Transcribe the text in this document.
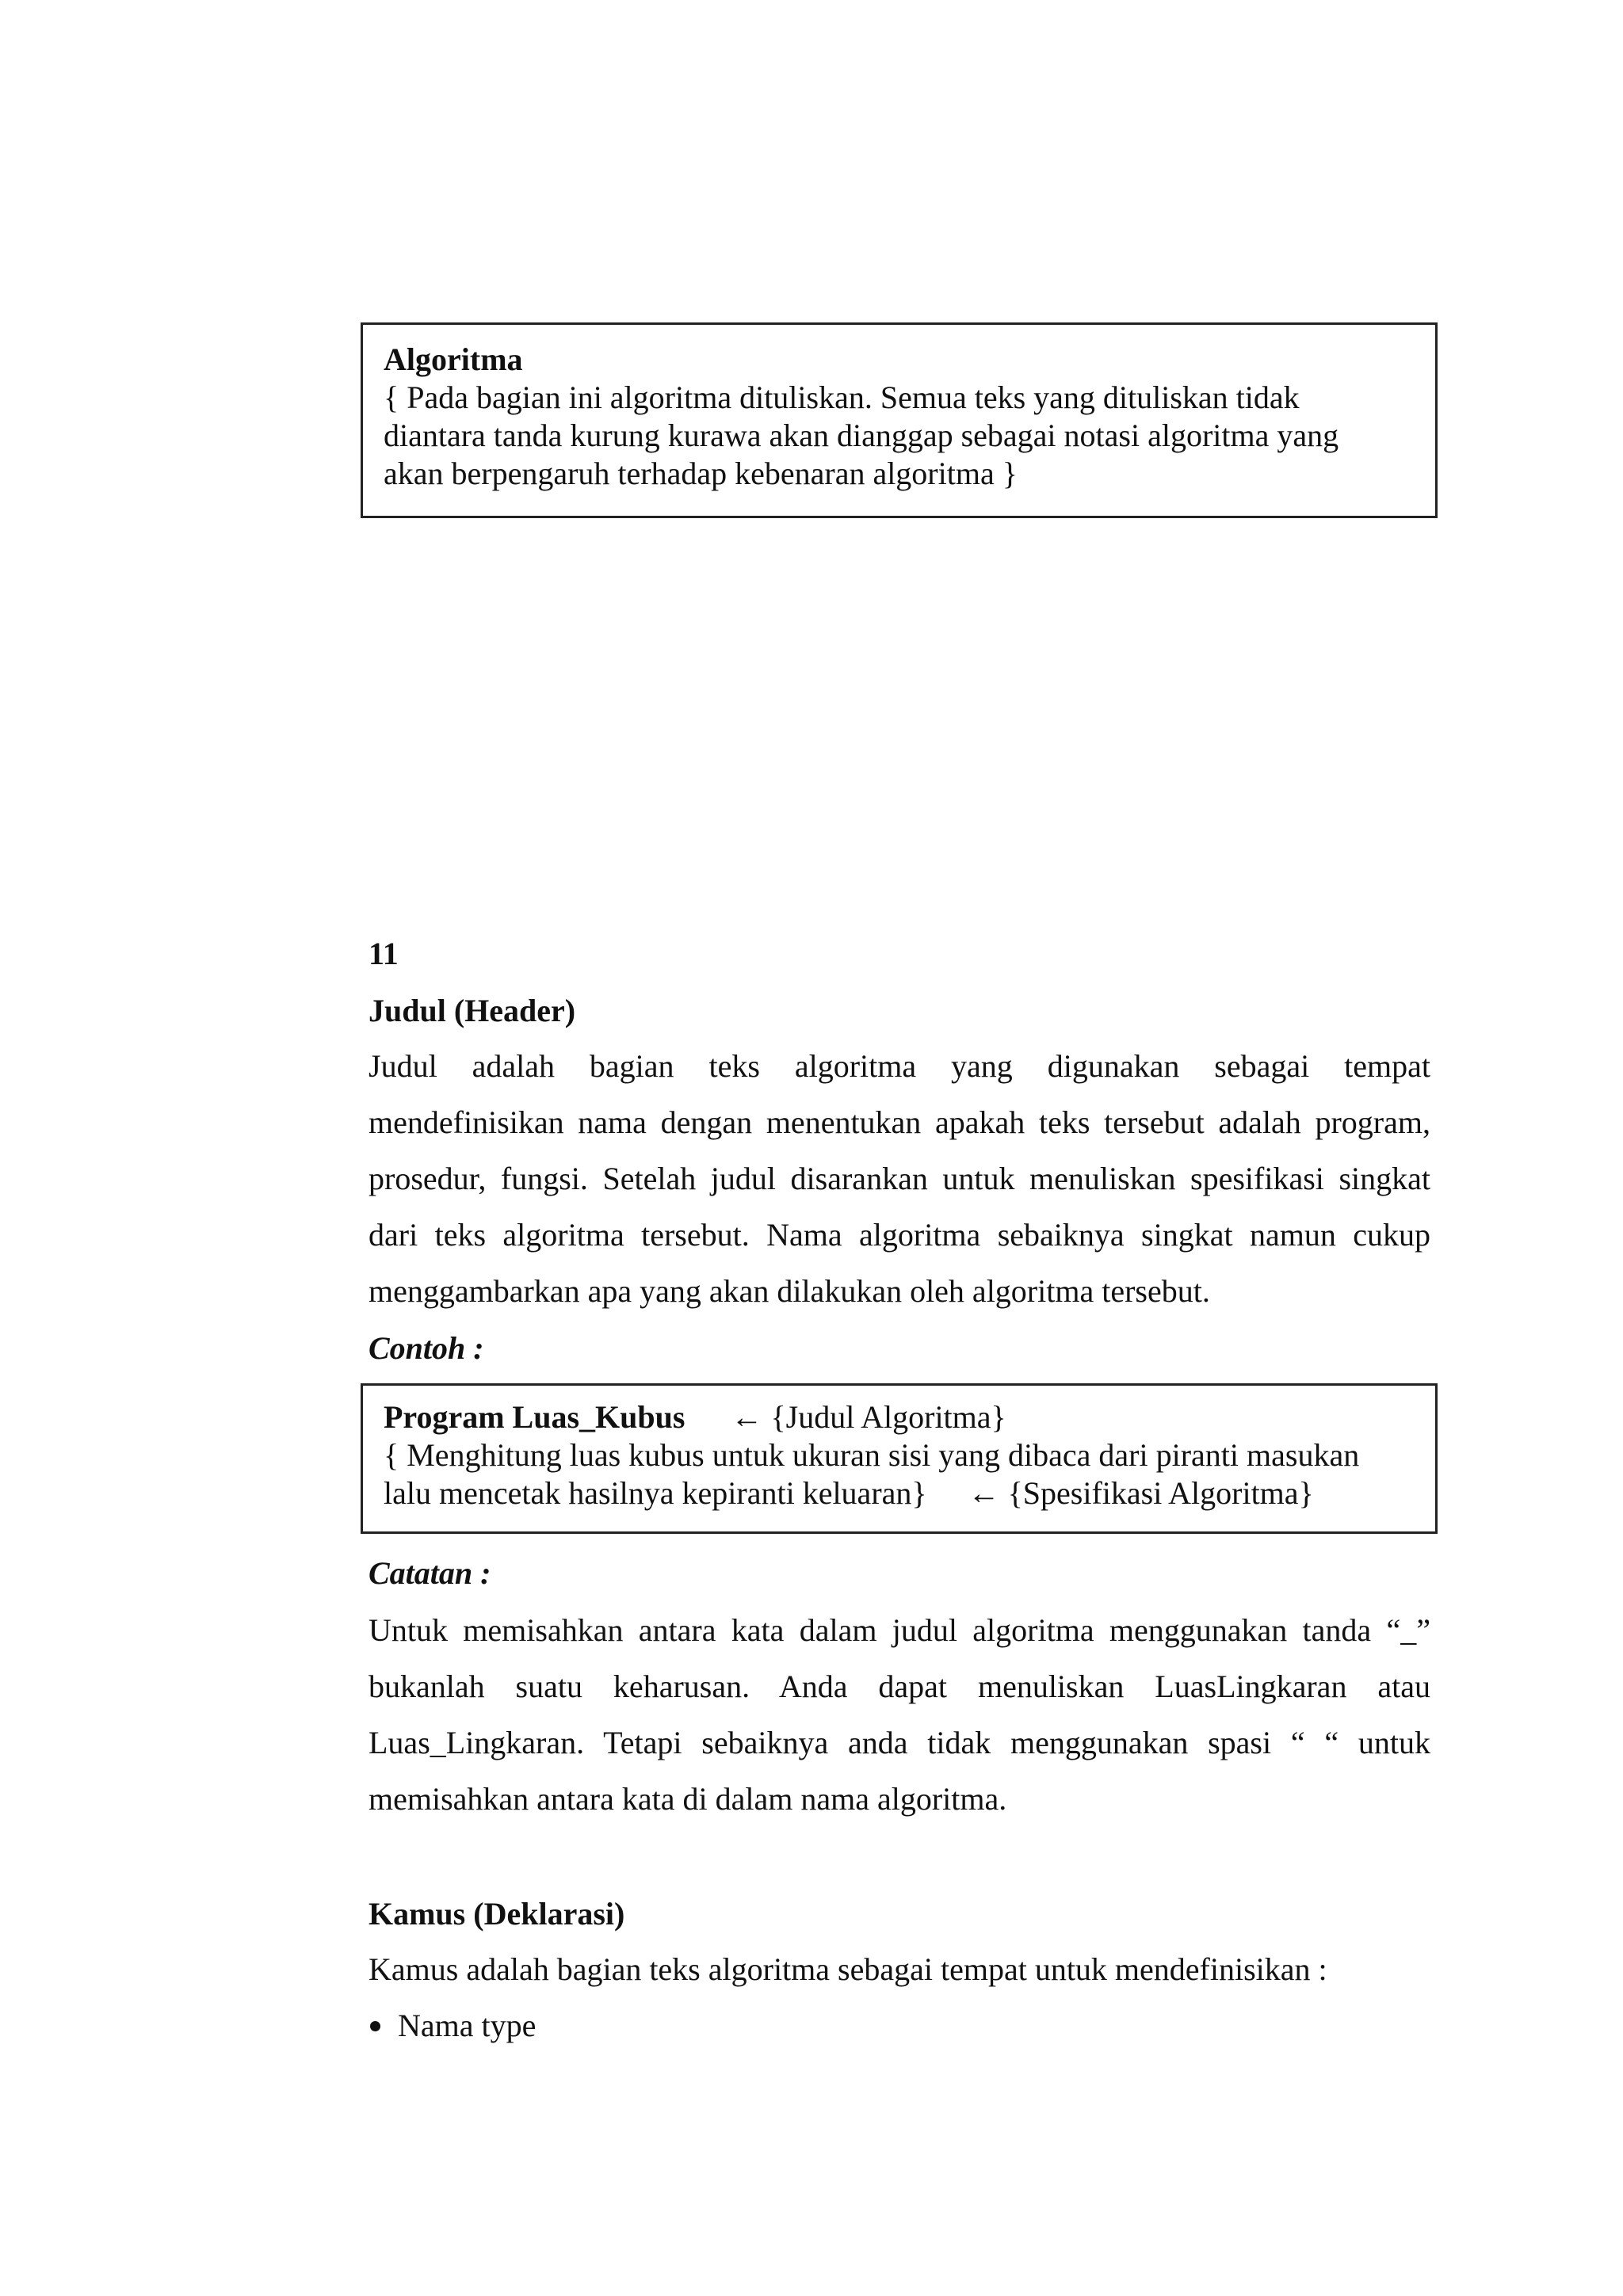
Algoritma
{ Pada bagian ini algoritma dituliskan. Semua teks yang dituliskan tidak
diantara tanda kurung kurawa akan dianggap sebagai notasi algoritma yang
akan berpengaruh terhadap kebenaran algoritma }
11
Judul (Header)
Judul adalah bagian teks algoritma yang digunakan sebagai tempat
mendefinisikan nama dengan menentukan apakah teks tersebut adalah program,
prosedur, fungsi. Setelah judul disarankan untuk menuliskan spesifikasi singkat
dari teks algoritma tersebut. Nama algoritma sebaiknya singkat namun cukup
menggambarkan apa yang akan dilakukan oleh algoritma tersebut.
Contoh :
Program Luas_Kubus ← {Judul Algoritma}
{ Menghitung luas kubus untuk ukuran sisi yang dibaca dari piranti masukan
lalu mencetak hasilnya kepiranti keluaran} ← {Spesifikasi Algoritma}
Catatan :
Untuk memisahkan antara kata dalam judul algoritma menggunakan tanda “_”
bukanlah suatu keharusan. Anda dapat menuliskan LuasLingkaran atau
Luas_Lingkaran. Tetapi sebaiknya anda tidak menggunakan spasi “ “ untuk
memisahkan antara kata di dalam nama algoritma.
Kamus (Deklarasi)
Kamus adalah bagian teks algoritma sebagai tempat untuk mendefinisikan :
Nama type
